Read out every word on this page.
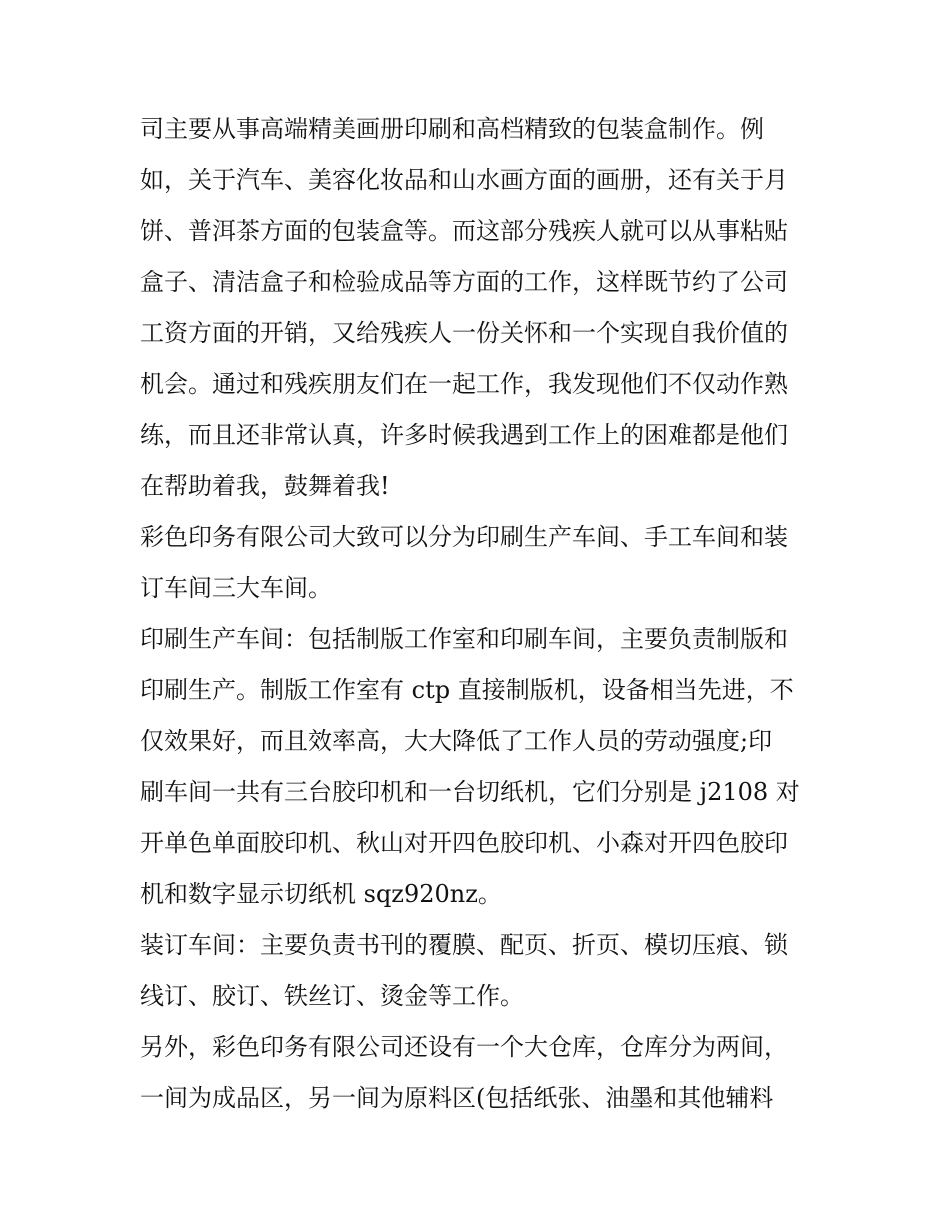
司主要从事高端精美画册印刷和高档精致的包装盒制作。例
如，关于汽车、美容化妆品和山水画方面的画册，还有关于月
饼、普洱茶方面的包装盒等。而这部分残疾人就可以从事粘贴
盒子、清洁盒子和检验成品等方面的工作，这样既节约了公司
工资方面的开销，又给残疾人一份关怀和一个实现自我价值的
机会。通过和残疾朋友们在一起工作，我发现他们不仅动作熟
练，而且还非常认真，许多时候我遇到工作上的困难都是他们
在帮助着我，鼓舞着我!
彩色印务有限公司大致可以分为印刷生产车间、手工车间和装
订车间三大车间。
印刷生产车间：包括制版工作室和印刷车间，主要负责制版和
印刷生产。制版工作室有 ctp 直接制版机，设备相当先进，不
仅效果好，而且效率高，大大降低了工作人员的劳动强度;印
刷车间一共有三台胶印机和一台切纸机，它们分别是 j2108 对
开单色单面胶印机、秋山对开四色胶印机、小森对开四色胶印
机和数字显示切纸机 sqz920nz。
装订车间：主要负责书刊的覆膜、配页、折页、模切压痕、锁
线订、胶订、铁丝订、烫金等工作。
另外，彩色印务有限公司还设有一个大仓库，仓库分为两间，
一间为成品区，另一间为原料区(包括纸张、油墨和其他辅料
